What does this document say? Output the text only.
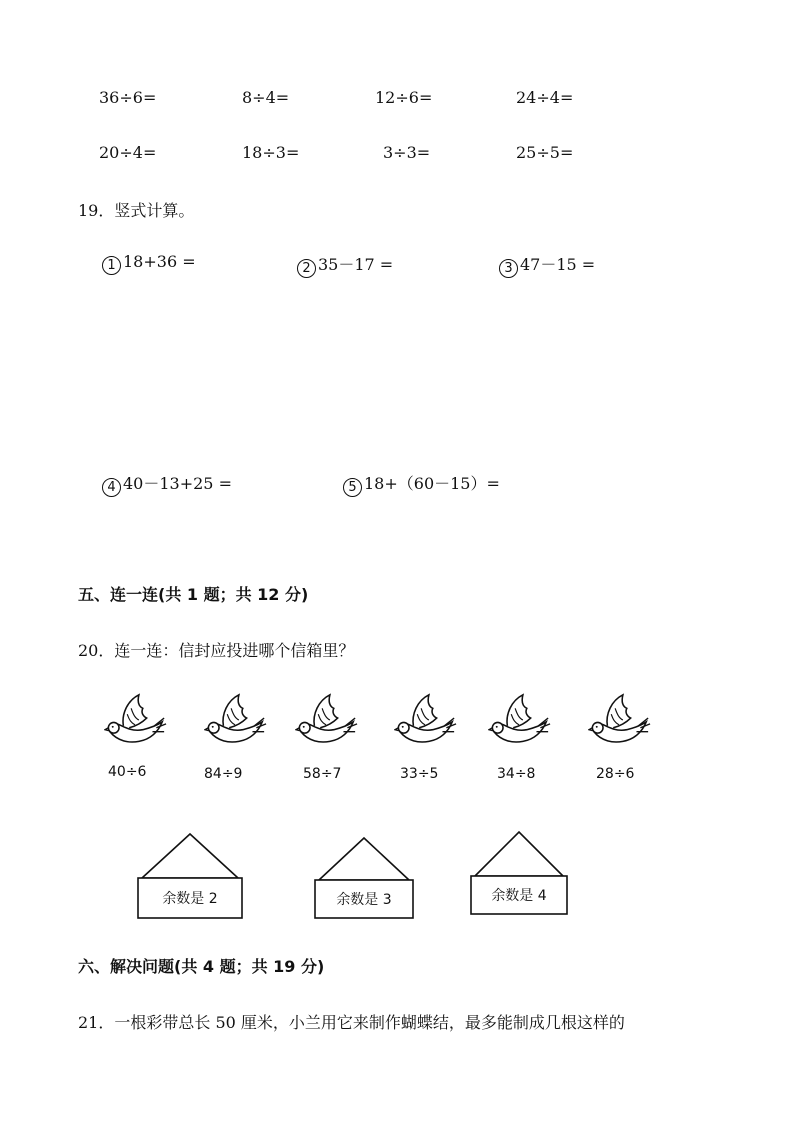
36÷6=	8÷4=	12÷6=	24÷4=
20÷4=	18÷3=	3÷3=	25÷5=
19．竖式计算。
1 18+36 =	2 35－17 =	3 47－15 =
4 40－13+25 =	5 18+（60－15）=
五、连一连(共 1 题；共 12 分)
20．连一连：信封应投进哪个信箱里？
40÷6	84÷9	58÷7	33÷5	34÷8	28÷6
余数是 2	余数是 3	余数是 4
六、解决问题(共 4 题；共 19 分)
21．一根彩带总长 50 厘米，小兰用它来制作蝴蝶结，最多能制成几根这样的
